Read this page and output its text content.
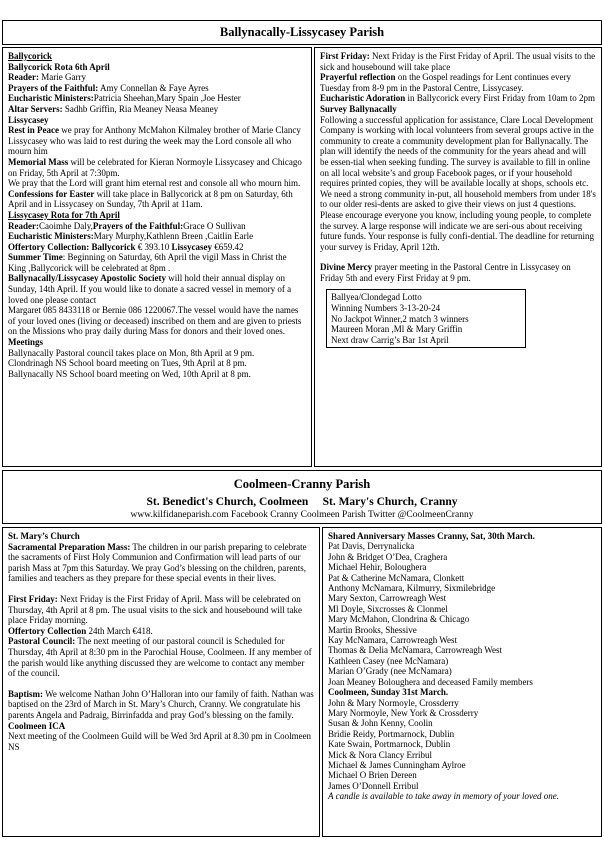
Ballynacally-Lissycasey Parish
Ballycorick
Ballycorick Rota 6th April
Reader: Marie Garry
Prayers of the Faithful: Amy Connellan & Faye Ayres
Eucharistic Ministers:Patricia Sheehan,Mary Spain ,Joe Hester
Altar Servers: Sadhb Griffin, Ria Meaney Neasa Meaney
Lissycasey
Rest in Peace we pray for Anthony McMahon Kilmaley brother of Marie Clancy Lissycasey who was laid to rest during the week may the Lord console all who mourn him
Memorial Mass will be celebrated for Kieran Normoyle Lissycasey and Chicago on Friday, 5th April at 7:30pm.
We pray that the Lord will grant him eternal rest and console all who mourn him.
Confessions for Easter will take place in Ballycorick at 8 pm on Saturday, 6th April and in Lissycasey on Sunday, 7th April at 11am.
Lissycasey Rota for 7th April
Reader:Caoimhe Daly,Prayers of the Faithful:Grace O Sullivan
Eucharistic Ministers:Mary Murphy,Kathlenn Breen ,Caitlin Earle
Offertory Collection: Ballycorick € 393.10 Lissycasey €659.42
Summer Time: Beginning on Saturday, 6th April the vigil Mass in Christ the King ,Ballycorick will be celebrated at 8pm .
Ballynacally/Lissycasey Apostolic Society will hold their annual display on Sunday, 14th April. If you would like to donate a sacred vessel in memory of a loved one please contact
Margaret 085 8433118 or Bernie 086 1220067.The vessel would have the names of your loved ones (living or deceased) inscribed on them and are given to priests on the Missions who pray daily during Mass for donors and their loved ones.
Meetings
Ballynacally Pastoral council takes place on Mon, 8th April at 9 pm.
Clondrinagh NS School board meeting on Tues, 9th April at 8 pm.
Ballynacally NS School board meeting on Wed, 10th April at 8 pm.
First Friday: Next Friday is the First Friday of April. The usual visits to the sick and housebound will take place
Prayerful reflection on the Gospel readings for Lent continues every Tuesday from 8-9 pm in the Pastoral Centre, Lissycasey.
Eucharistic Adoration in Ballycorick every First Friday from 10am to 2pm
Survey Ballynacally
Following a successful application for assistance, Clare Local Development Company is working with local volunteers from several groups active in the community to create a community development plan for Ballynacally. The plan will identify the needs of the community for the years ahead and will be essen-tial when seeking funding. The survey is available to fill in online on all local website’s and group Facebook pages, or if your household requires printed copies, they will be available locally at shops, schools etc. We need a strong community in-put, all household members from under 18's to our older resi-dents are asked to give their views on just 4 questions. Please encourage everyone you know, including young people, to complete the survey. A large response will indicate we are seri-ous about receiving future funds. Your response is fully confi-dential. The deadline for returning your survey is Friday, April 12th.
Divine Mercy prayer meeting in the Pastoral Centre in Lissycasey on Friday 5th and every First Friday at 9 pm.
Ballyea/Clondegad Lotto
Winning Numbers 3-13-20-24
No Jackpot Winner,2 match 3 winners
Maureen Moran ,Ml & Mary Griffin
Next draw Carrig’s Bar 1st April
Coolmeen-Cranny Parish
St. Benedict's Church, Coolmeen     St. Mary's Church, Cranny
www.kilfidaneparish.com Facebook Cranny Coolmeen Parish Twitter @CoolmeenCranny
St. Mary’s Church
Sacramental Preparation Mass: The children in our parish preparing to celebrate the sacraments of First Holy Communion and Confirmation will lead parts of our parish Mass at 7pm this Saturday. We pray God’s blessing on the children, parents, families and teachers as they prepare for these special events in their lives.
First Friday: Next Friday is the First Friday of April. Mass will be celebrated on Thursday, 4th April at 8 pm. The usual visits to the sick and housebound will take place Friday morning.
Offertory Collection 24th March €418.
Pastoral Council: The next meeting of our pastoral council is Scheduled for Thursday, 4th April at 8:30 pm in the Parochial House, Coolmeen. If any member of the parish would like anything discussed they are welcome to contact any member of the council.
Baptism: We welcome Nathan John O’Halloran into our family of faith. Nathan was baptised on the 23rd of March in St. Mary’s Church, Cranny. We congratulate his parents Angela and Padraig, Birrinfadda and pray God’s blessing on the family.
Coolmeen ICA
Next meeting of the Coolmeen Guild will be Wed 3rd April at 8.30 pm in Coolmeen NS
Shared Anniversary Masses Cranny, Sat, 30th March.
Pat Davis, Derrynalicka
John & Bridget O’Dea, Craghera
Michael Hehir, Boloughera
Pat & Catherine McNamara, Clonkett
Anthony McNamara, Kilmurry, Sixmilebridge
Mary Sexton, Carrowreagh West
Ml Doyle, Sixcrosses & Clonmel
Mary McMahon, Clondrina & Chicago
Martin Brooks, Shessive
Kay McNamara, Carrowreagh West
Thomas & Delia McNamara, Carrowreagh West
Kathleen Casey (nee McNamara)
Marian O’Grady (nee McNamara)
Joan Meaney Boloughera and deceased Family members
Coolmeen, Sunday 31st March.
John & Mary Normoyle, Crossderry
Mary Normoyle, New York & Crossderry
Susan & John Kenny, Coolin
Bridie Reidy, Portmarnock, Dublin
Kate Swain, Portmarnock, Dublin
Mick & Nora Clancy Erribul
Michael & James Cunningham Aylroe
Michael O Brien Dereen
James O’Donnell Erribul
A candle is available to take away in memory of your loved one.
